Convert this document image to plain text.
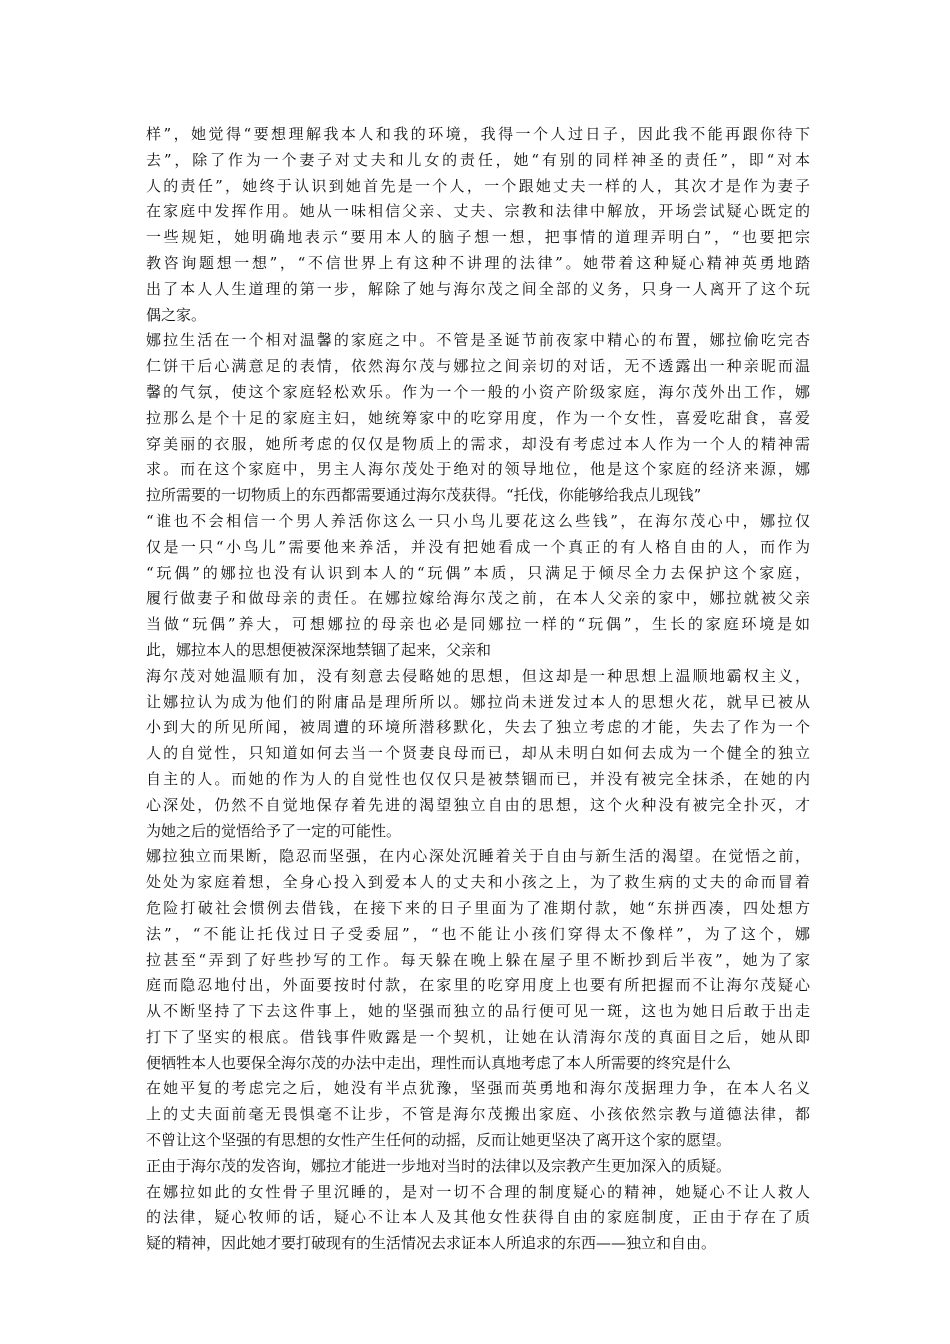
样”，她觉得“要想理解我本人和我的环境，我得一个人过日子，因此我不能再跟你待下
去”，除了作为一个妻子对丈夫和儿女的责任，她“有别的同样神圣的责任”，即“对本
人的责任”，她终于认识到她首先是一个人，一个跟她丈夫一样的人，其次才是作为妻子
在家庭中发挥作用。她从一味相信父亲、丈夫、宗教和法律中解放，开场尝试疑心既定的
一些规矩，她明确地表示“要用本人的脑子想一想，把事情的道理弄明白”，“也要把宗
教咨询题想一想”，“不信世界上有这种不讲理的法律”。她带着这种疑心精神英勇地踏
出了本人人生道理的第一步，解除了她与海尔茂之间全部的义务，只身一人离开了这个玩
偶之家。
娜拉生活在一个相对温馨的家庭之中。不管是圣诞节前夜家中精心的布置，娜拉偷吃完杏
仁饼干后心满意足的表情，依然海尔茂与娜拉之间亲切的对话，无不透露出一种亲昵而温
馨的气氛，使这个家庭轻松欢乐。作为一个一般的小资产阶级家庭，海尔茂外出工作，娜
拉那么是个十足的家庭主妇，她统筹家中的吃穿用度，作为一个女性，喜爱吃甜食，喜爱
穿美丽的衣服，她所考虑的仅仅是物质上的需求，却没有考虑过本人作为一个人的精神需
求。而在这个家庭中，男主人海尔茂处于绝对的领导地位，他是这个家庭的经济来源，娜
拉所需要的一切物质上的东西都需要通过海尔茂获得。“托伐，你能够给我点儿现钱”
“谁也不会相信一个男人养活你这么一只小鸟儿要花这么些钱”，在海尔茂心中，娜拉仅
仅是一只“小鸟儿”需要他来养活，并没有把她看成一个真正的有人格自由的人，而作为
“玩偶”的娜拉也没有认识到本人的“玩偶”本质，只满足于倾尽全力去保护这个家庭，
履行做妻子和做母亲的责任。在娜拉嫁给海尔茂之前，在本人父亲的家中，娜拉就被父亲
当做“玩偶”养大，可想娜拉的母亲也必是同娜拉一样的“玩偶”，生长的家庭环境是如
此，娜拉本人的思想便被深深地禁锢了起来，父亲和
海尔茂对她温顺有加，没有刻意去侵略她的思想，但这却是一种思想上温顺地霸权主义，
让娜拉认为成为他们的附庸品是理所所以。娜拉尚未迸发过本人的思想火花，就早已被从
小到大的所见所闻，被周遭的环境所潜移默化，失去了独立考虑的才能，失去了作为一个
人的自觉性，只知道如何去当一个贤妻良母而已，却从未明白如何去成为一个健全的独立
自主的人。而她的作为人的自觉性也仅仅只是被禁锢而已，并没有被完全抹杀，在她的内
心深处，仍然不自觉地保存着先进的渴望独立自由的思想，这个火种没有被完全扑灭，才
为她之后的觉悟给予了一定的可能性。
娜拉独立而果断，隐忍而坚强，在内心深处沉睡着关于自由与新生活的渴望。在觉悟之前，
处处为家庭着想，全身心投入到爱本人的丈夫和小孩之上，为了救生病的丈夫的命而冒着
危险打破社会惯例去借钱，在接下来的日子里面为了准期付款，她“东拼西凑，四处想方
法”，“不能让托伐过日子受委屈”，“也不能让小孩们穿得太不像样”，为了这个，娜
拉甚至“弄到了好些抄写的工作。每天躲在晚上躲在屋子里不断抄到后半夜”，她为了家
庭而隐忍地付出，外面要按时付款，在家里的吃穿用度上也要有所把握而不让海尔茂疑心
从不断坚持了下去这件事上，她的坚强而独立的品行便可见一斑，这也为她日后敢于出走
打下了坚实的根底。借钱事件败露是一个契机，让她在认清海尔茂的真面目之后，她从即
便牺牲本人也要保全海尔茂的办法中走出，理性而认真地考虑了本人所需要的终究是什么
在她平复的考虑完之后，她没有半点犹豫，坚强而英勇地和海尔茂据理力争，在本人名义
上的丈夫面前毫无畏惧毫不让步，不管是海尔茂搬出家庭、小孩依然宗教与道德法律，都
不曾让这个坚强的有思想的女性产生任何的动摇，反而让她更坚决了离开这个家的愿望。
正由于海尔茂的发咨询，娜拉才能进一步地对当时的法律以及宗教产生更加深入的质疑。
在娜拉如此的女性骨子里沉睡的，是对一切不合理的制度疑心的精神，她疑心不让人救人
的法律，疑心牧师的话，疑心不让本人及其他女性获得自由的家庭制度，正由于存在了质
疑的精神，因此她才要打破现有的生活情况去求证本人所追求的东西——独立和自由。
